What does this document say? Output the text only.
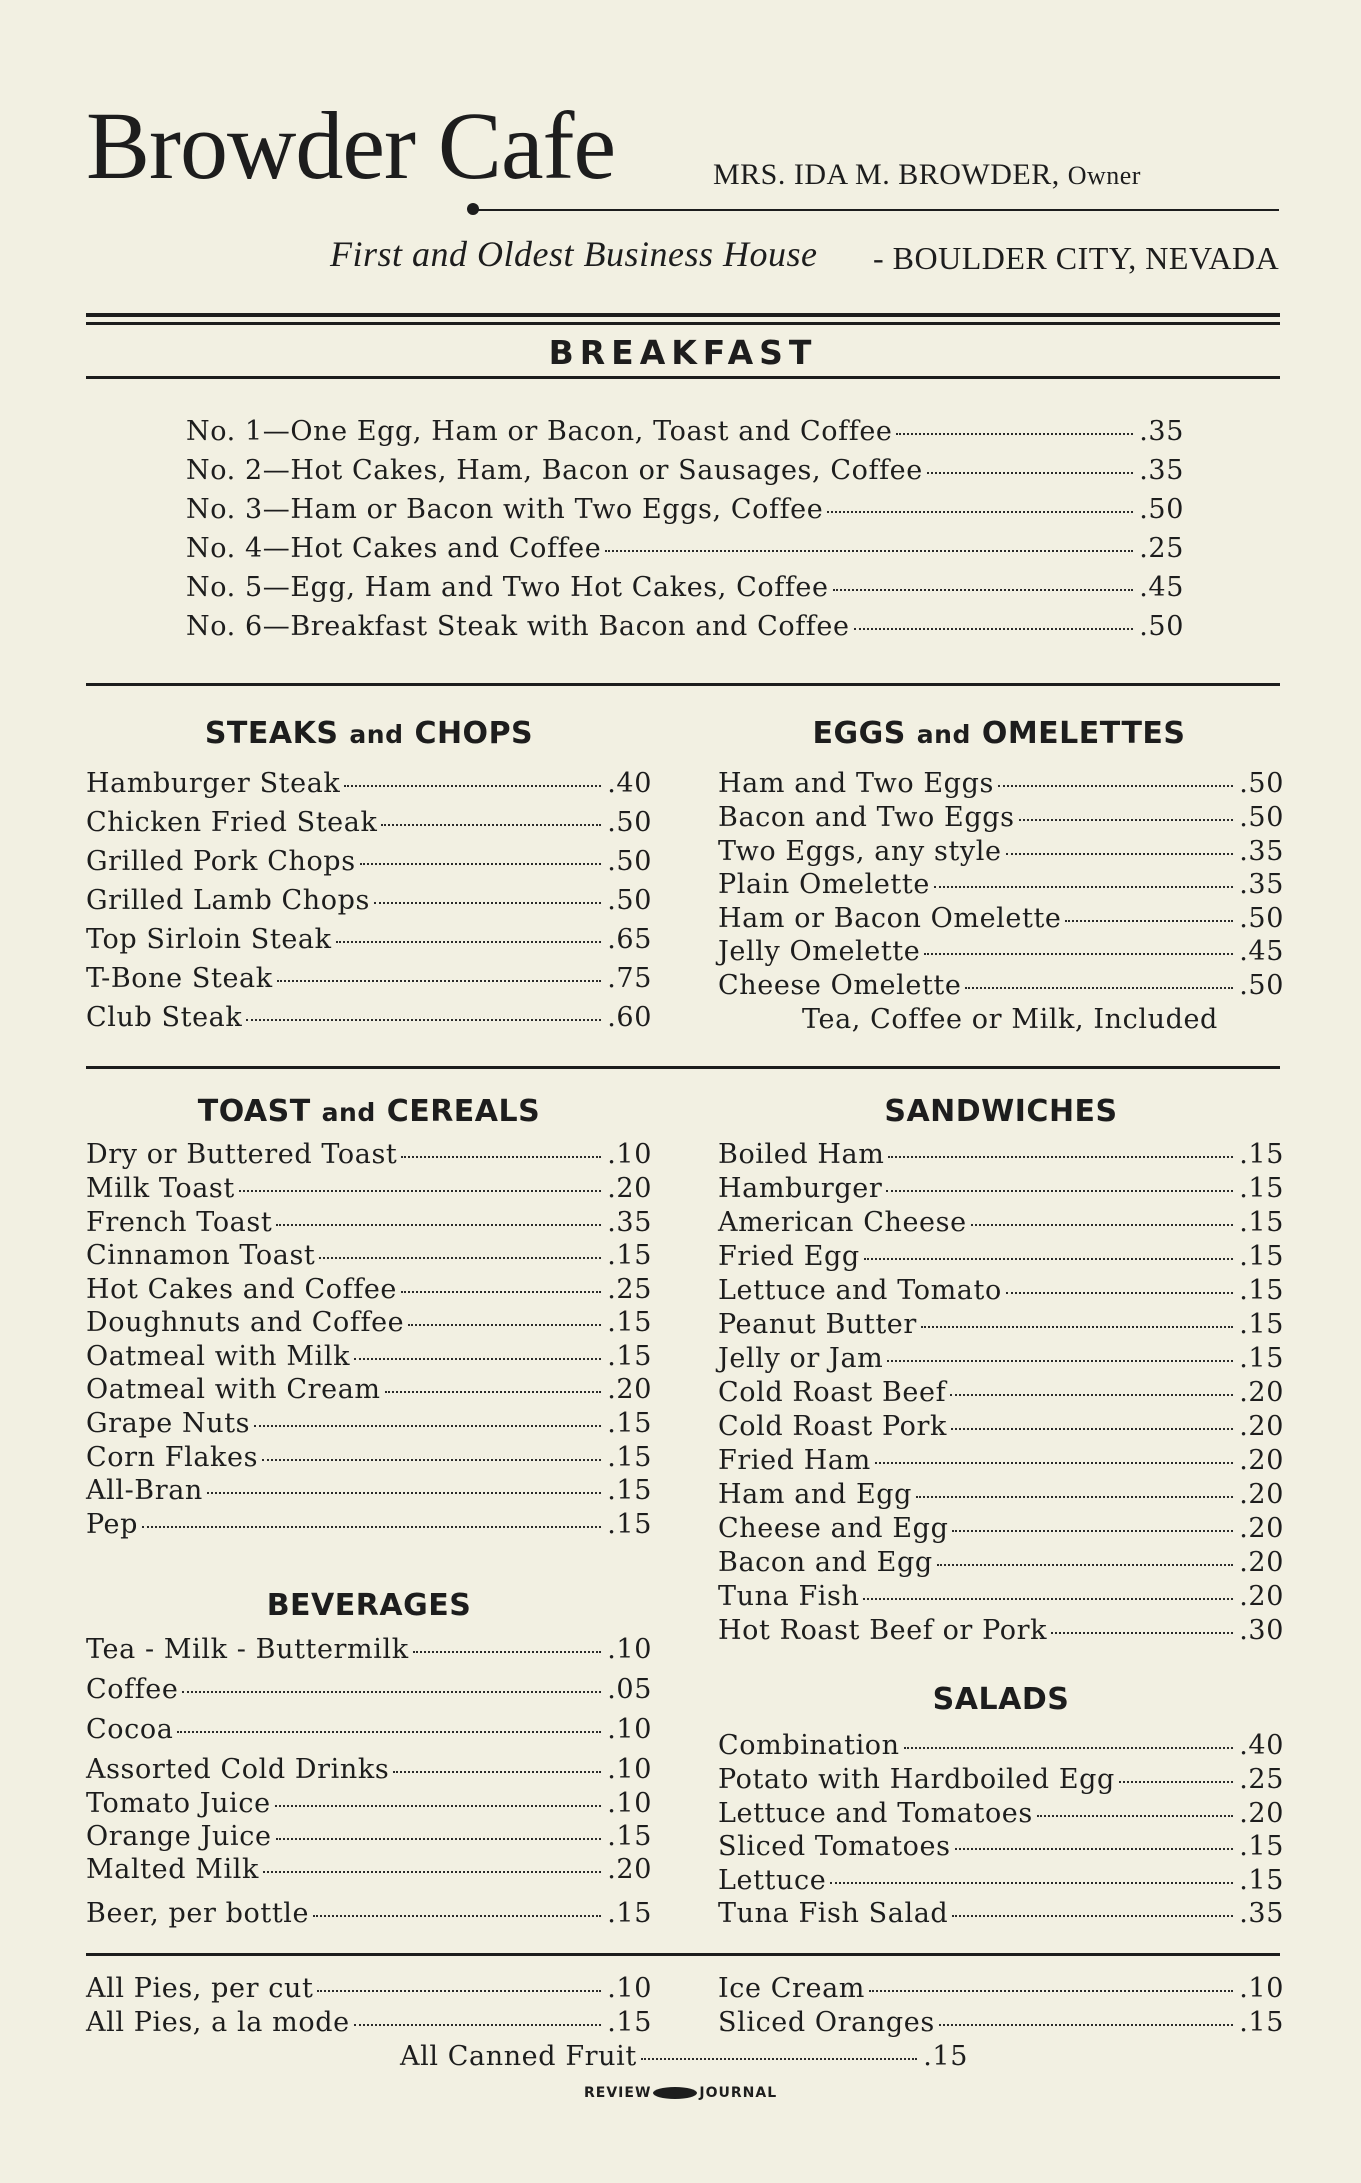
Browder Cafe	MRS. IDA M. BROWDER, Owner
First and Oldest Business House - BOULDER CITY, NEVADA
BREAKFAST
No. 1—One Egg, Ham or Bacon, Toast and Coffee	.35
No. 2—Hot Cakes, Ham, Bacon or Sausages, Coffee	.35
No. 3—Ham or Bacon with Two Eggs, Coffee	.50
No. 4—Hot Cakes and Coffee	.25
No. 5—Egg, Ham and Two Hot Cakes, Coffee	.45
No. 6—Breakfast Steak with Bacon and Coffee	.50
STEAKS and CHOPS
Hamburger Steak	.40
Chicken Fried Steak	.50
Grilled Pork Chops	.50
Grilled Lamb Chops	.50
Top Sirloin Steak	.65
T-Bone Steak	.75
Club Steak	.60
EGGS and OMELETTES
Ham and Two Eggs	.50
Bacon and Two Eggs	.50
Two Eggs, any style	.35
Plain Omelette	.35
Ham or Bacon Omelette	.50
Jelly Omelette	.45
Cheese Omelette	.50
Tea, Coffee or Milk, Included
TOAST and CEREALS
Dry or Buttered Toast	.10
Milk Toast	.20
French Toast	.35
Cinnamon Toast	.15
Hot Cakes and Coffee	.25
Doughnuts and Coffee	.15
Oatmeal with Milk	.15
Oatmeal with Cream	.20
Grape Nuts	.15
Corn Flakes	.15
All-Bran	.15
Pep	.15
SANDWICHES
Boiled Ham	.15
Hamburger	.15
American Cheese	.15
Fried Egg	.15
Lettuce and Tomato	.15
Peanut Butter	.15
Jelly or Jam	.15
Cold Roast Beef	.20
Cold Roast Pork	.20
Fried Ham	.20
Ham and Egg	.20
Cheese and Egg	.20
Bacon and Egg	.20
Tuna Fish	.20
Hot Roast Beef or Pork	.30
BEVERAGES
Tea - Milk - Buttermilk	.10
Coffee	.05
Cocoa	.10
Assorted Cold Drinks	.10
Tomato Juice	.10
Orange Juice	.15
Malted Milk	.20
Beer, per bottle	.15
SALADS
Combination	.40
Potato with Hardboiled Egg	.25
Lettuce and Tomatoes	.20
Sliced Tomatoes	.15
Lettuce	.15
Tuna Fish Salad	.35
All Pies, per cut	.10
All Pies, a la mode	.15
Ice Cream	.10
Sliced Oranges	.15
All Canned Fruit	.15
REVIEW	JOURNAL
